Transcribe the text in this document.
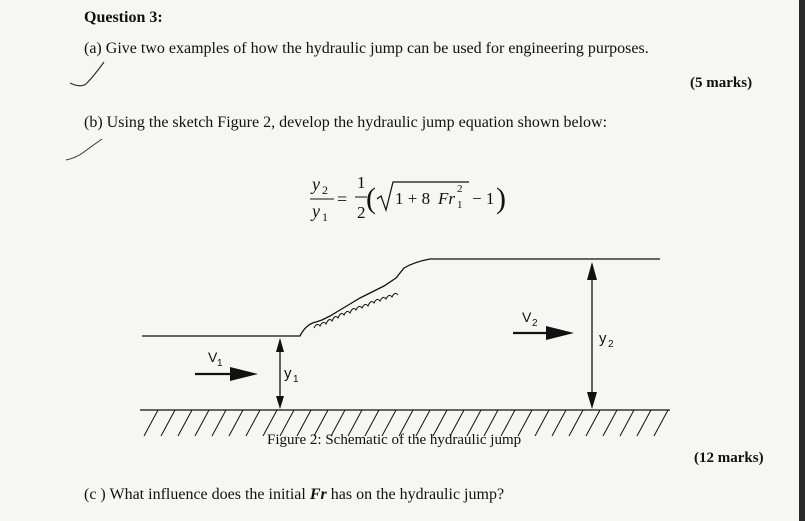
Question 3:
(a) Give two examples of how the hydraulic jump can be used for engineering purposes.
(5 marks)
(b) Using the sketch Figure 2, develop the hydraulic jump equation shown below:
Figure 2: Schematic of the hydraulic jump
(12 marks)
(c ) What influence does the initial Fr has on the hydraulic jump?
y 2
y 1
=
1
2 ( 1 + 8 Fr 1
2 − 1 )
V 1
y 1
V 2
y 2
